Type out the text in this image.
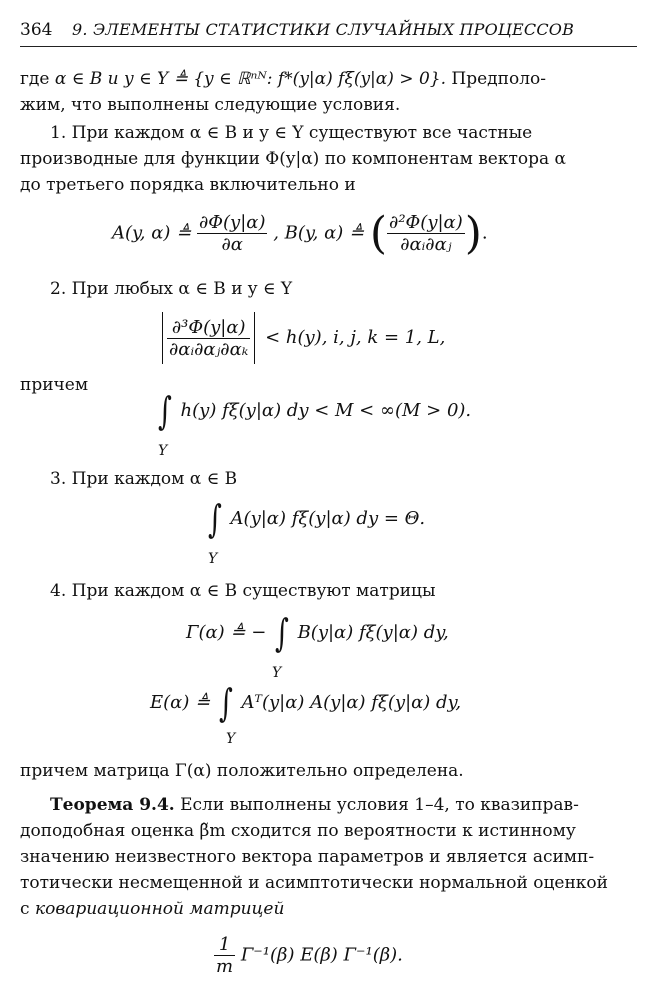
364 9. ЭЛЕМЕНТЫ СТАТИСТИКИ СЛУЧАЙНЫХ ПРОЦЕССОВ
где α ∈ B и y ∈ Y ≜ {y ∈ ℝⁿᴺ: f*(y|α) fξ(y|α) > 0}. Предполо-
жим, что выполнены следующие условия.
1. При каждом α ∈ B и y ∈ Y существуют все частные
производные для функции Φ(y|α) по компонентам вектора α
до третьего порядка включительно и
A(y, α) ≜ $\frac{\partial\Phi(y|\alpha)}{\partial\alpha}$ , B(y, α) ≜ ( $\frac{\text{∂²Φ(y|α)}}{\text{∂αᵢ∂αⱼ}}$ ).
2. При любых α ∈ B и y ∈ Y
$\frac{\text{∂³Φ(y|α)}}{\text{∂αᵢ∂αⱼ∂αₖ}} < h(y)$, i, j, k = 1, L,
причем
∫ h(y) fξ(y|α) dy < M < ∞(M > 0).
Y
3. При каждом α ∈ B
∫ A(y|α) fξ(y|α) dy = Θ.
Y
4. При каждом α ∈ B существуют матрицы
Γ(α) ≜ − ∫ B(y|α) fξ(y|α) dy,
Y
E(α) ≜ ∫ Aᵀ(y|α) A(y|α) fξ(y|α) dy,
Y
причем матрица Γ(α) положительно определена.
Теорема 9.4. Если выполнены условия 1–4, то квазиправ-
доподобная оценка β̃m сходится по вероятности к истинному
значению неизвестного вектора параметров и является асимп-
тотически несмещенной и асимптотически нормальной оценкой
с ковариационной матрицей
$\frac{1}{m} \Gamma^{-1}(\beta)$ E(β) Γ⁻¹(β).
